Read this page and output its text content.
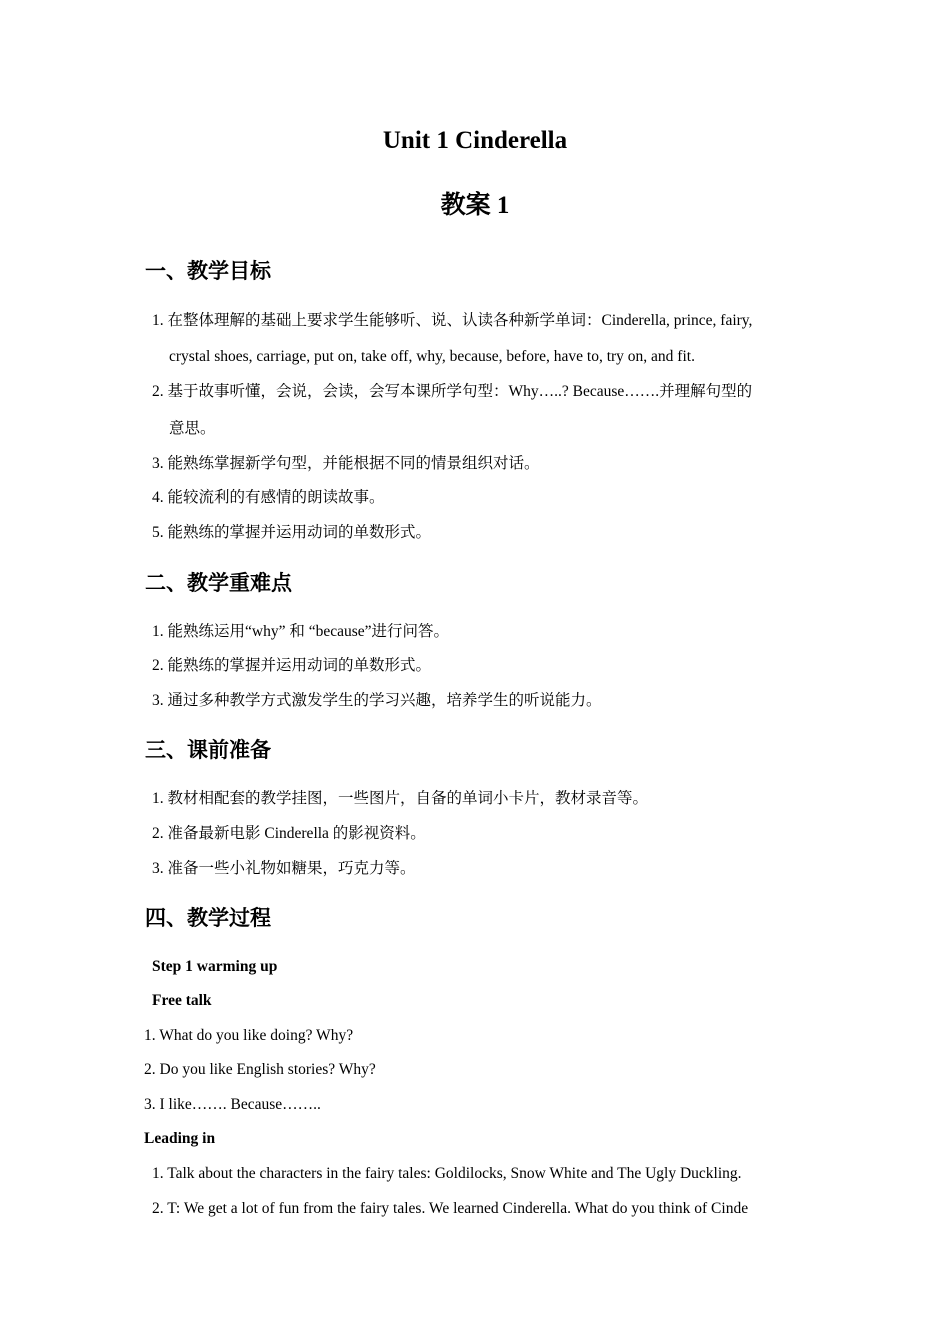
Unit 1 Cinderella
教案 1
一、教学目标
1. 在整体理解的基础上要求学生能够听、说、认读各种新学单词：Cinderella, prince, fairy,
crystal shoes, carriage, put on, take off, why, because, before, have to, try on, and fit.
2. 基于故事听懂，会说，会读，会写本课所学句型：Why…..? Because…….并理解句型的
意思。
3. 能熟练掌握新学句型，并能根据不同的情景组织对话。
4. 能较流利的有感情的朗读故事。
5. 能熟练的掌握并运用动词的单数形式。
二、教学重难点
1. 能熟练运用“why” 和 “because”进行问答。
2. 能熟练的掌握并运用动词的单数形式。
3. 通过多种教学方式激发学生的学习兴趣，培养学生的听说能力。
三、课前准备
1. 教材相配套的教学挂图，一些图片，自备的单词小卡片，教材录音等。
2. 准备最新电影 Cinderella 的影视资料。
3. 准备一些小礼物如糖果，巧克力等。
四、教学过程
Step 1 warming up
Free talk
1. What do you like doing? Why?
2. Do you like English stories? Why?
3. I like……. Because……..
Leading in
1. Talk about the characters in the fairy tales: Goldilocks, Snow White and The Ugly Duckling.
2. T: We get a lot of fun from the fairy tales. We learned Cinderella. What do you think of Cinde
